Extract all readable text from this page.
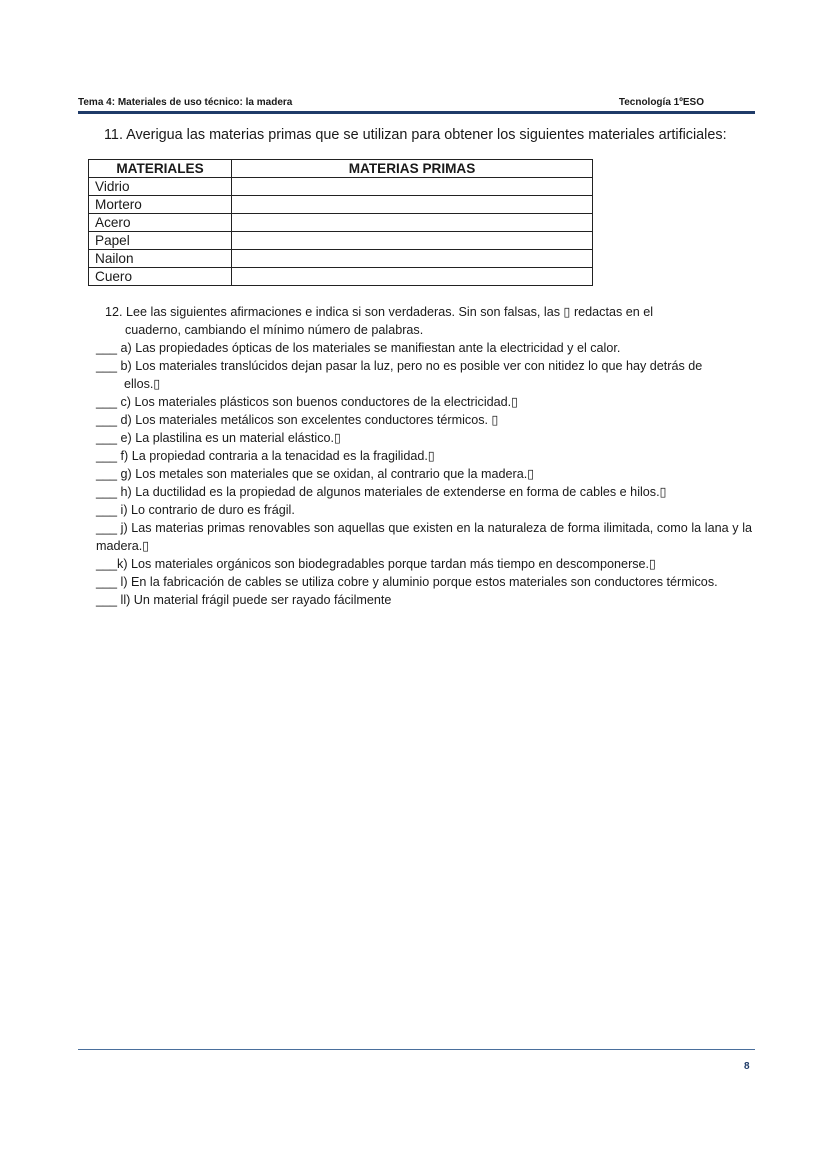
Tema 4: Materiales de uso técnico: la madera	Tecnología 1ºESO
11. Averigua las materias primas que se utilizan para obtener los siguientes materiales artificiales:
MATERIALES	MATERIAS PRIMAS
Vidrio	
Mortero	
Acero	
Papel	
Nailon	
Cuero	

12. Lee las siguientes afirmaciones e indica si son verdaderas. Sin son falsas, las ▯ redactas en el

cuaderno, cambiando el mínimo número de palabras.

___ a) Las propiedades ópticas de los materiales se manifiestan ante la electricidad y el calor.

___ b) Los materiales translúcidos dejan pasar la luz, pero no es posible ver con nitidez lo que hay detrás de

ellos.▯

___ c) Los materiales plásticos son buenos conductores de la electricidad.▯

___ d) Los materiales metálicos son excelentes conductores térmicos. ▯

___ e) La plastilina es un material elástico.▯

___ f) La propiedad contraria a la tenacidad es la fragilidad.▯

___ g) Los metales son materiales que se oxidan, al contrario que la madera.▯

___ h) La ductilidad es la propiedad de algunos materiales de extenderse en forma de cables e hilos.▯

___ i) Lo contrario de duro es frágil.

___ j) Las materias primas renovables son aquellas que existen en la naturaleza de forma ilimitada, como la lana y la madera.▯

___k) Los materiales orgánicos son biodegradables porque tardan más tiempo en descomponerse.▯

___ l) En la fabricación de cables se utiliza cobre y aluminio porque estos materiales son conductores térmicos.

___ ll) Un material frágil puede ser rayado fácilmente

8
